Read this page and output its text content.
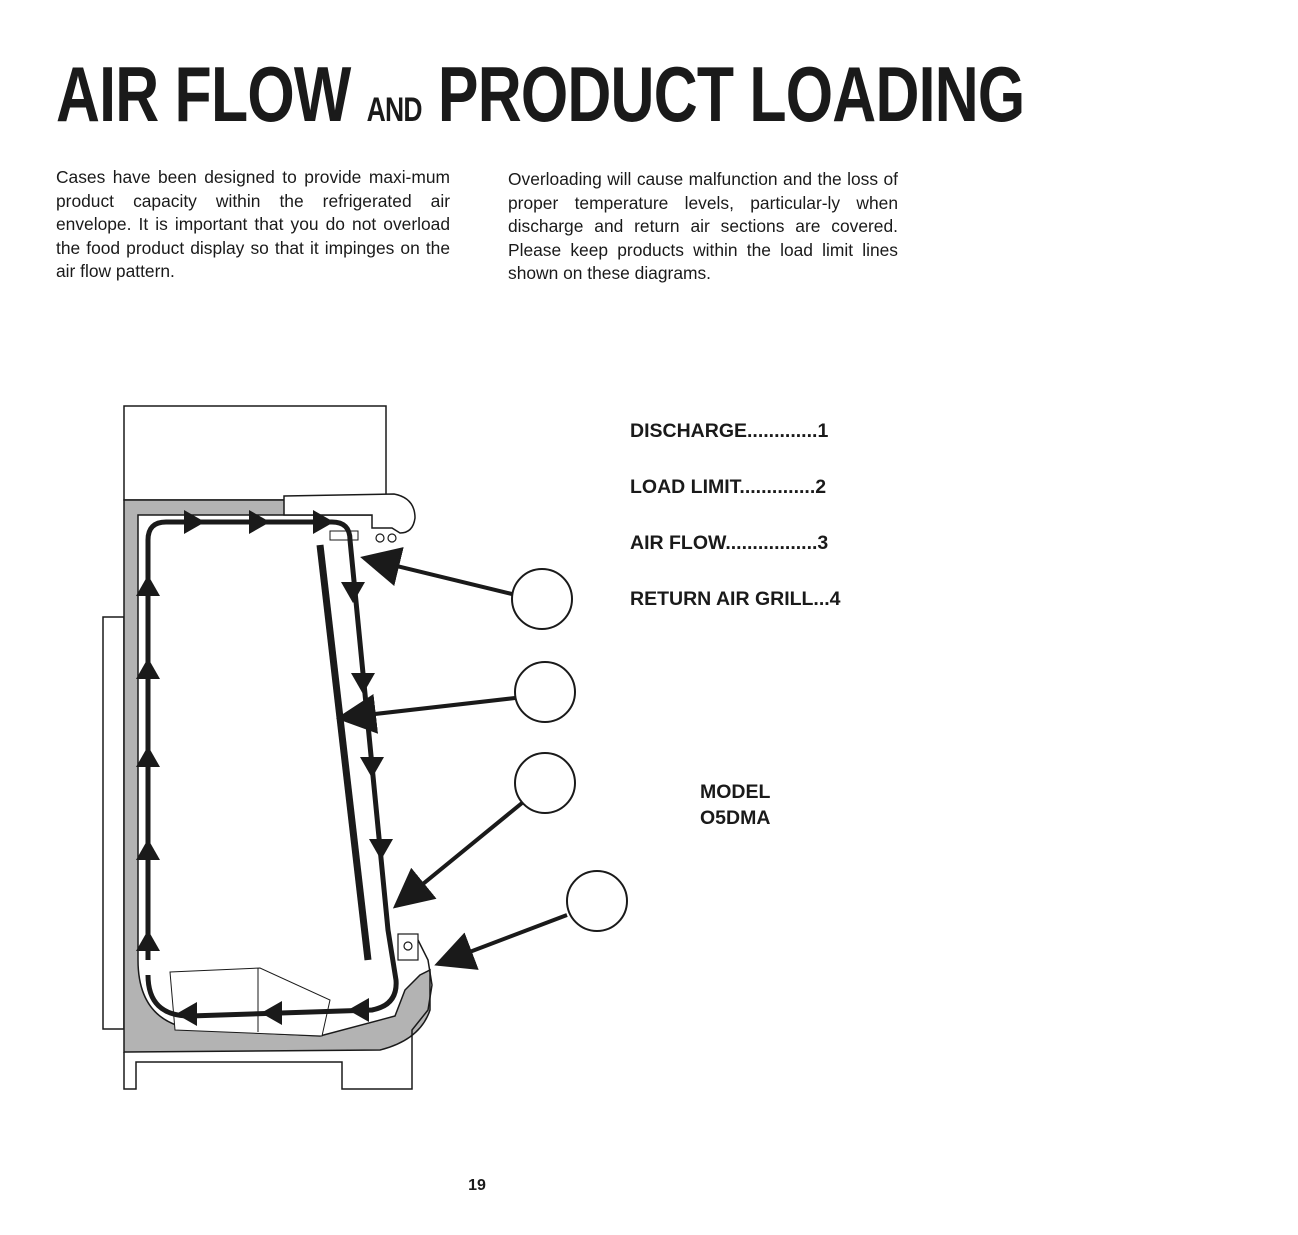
AIR FLOW AND PRODUCT LOADING
Cases have been designed to provide maxi-mum product capacity within the refrigerated air envelope. It is important that you do not overload the food product display so that it impinges on the air flow pattern.
Overloading will cause malfunction and the loss of proper temperature levels, particular-ly when discharge and return air sections are covered. Please keep products within the load limit lines shown on these diagrams.
DISCHARGE.............1
LOAD LIMIT..............2
AIR FLOW.................3
RETURN AIR GRILL...4
MODEL
O5DMA
19
